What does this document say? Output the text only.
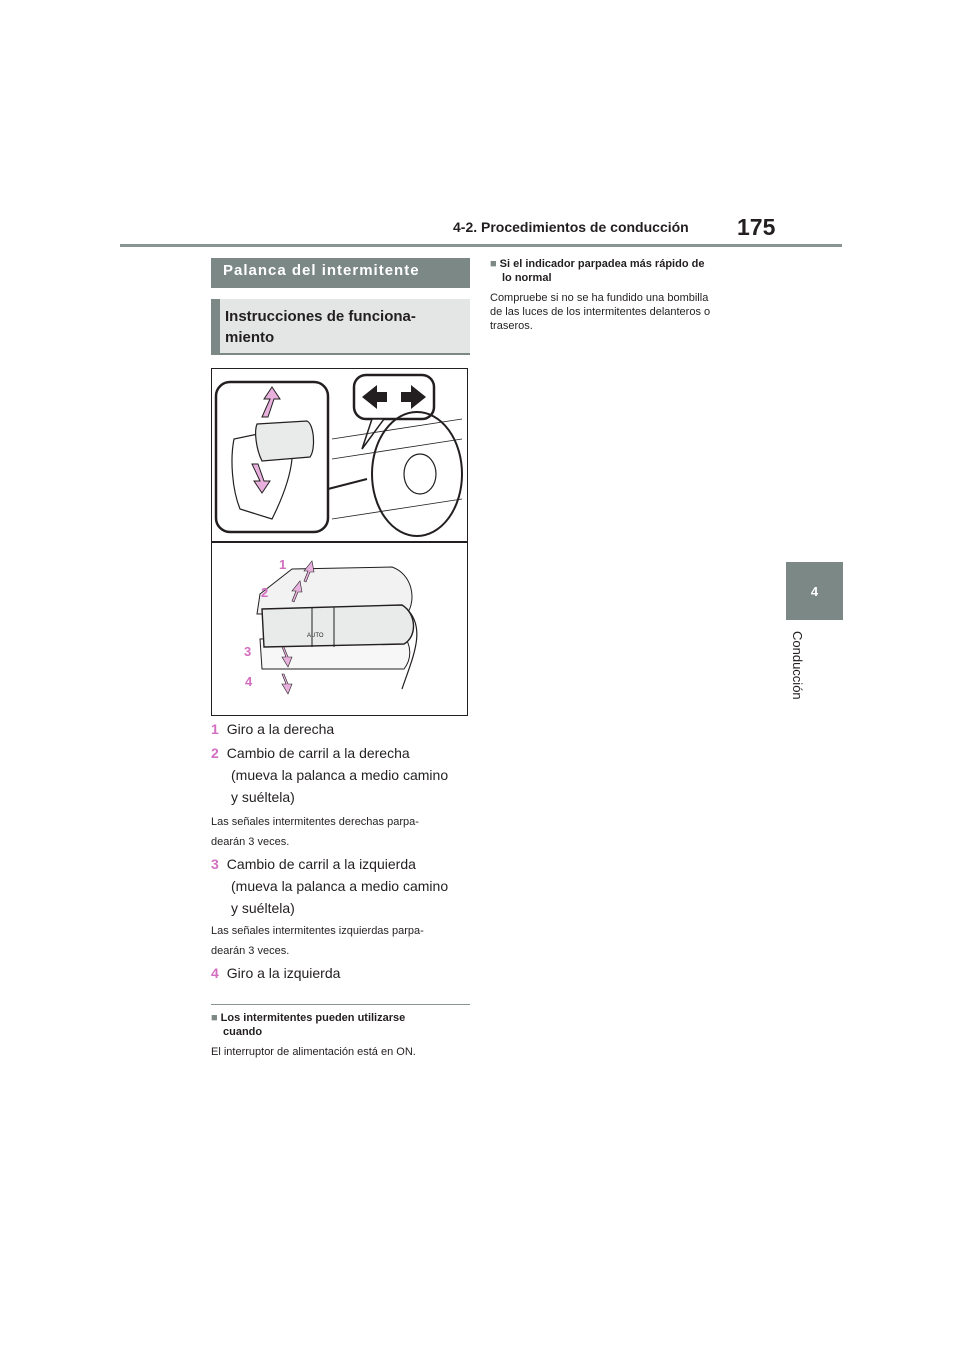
4-2. Procedimientos de conducción 175
4
Conducción
Palanca del intermitente
Instrucciones de funciona-
miento
AUTO
1
2
3
4
1 Giro a la derecha
2 Cambio de carril a la derecha
(mueva la palanca a medio camino
y suéltela)
Las señales intermitentes derechas parpa-
dearán 3 veces.
3 Cambio de carril a la izquierda
(mueva la palanca a medio camino
y suéltela)
Las señales intermitentes izquierdas parpa-
dearán 3 veces.
4 Giro a la izquierda
■ Los intermitentes pueden utilizarse
cuando
El interruptor de alimentación está en ON.
■ Si el indicador parpadea más rápido de
lo normal
Compruebe si no se ha fundido una bombilla
de las luces de los intermitentes delanteros o
traseros.
